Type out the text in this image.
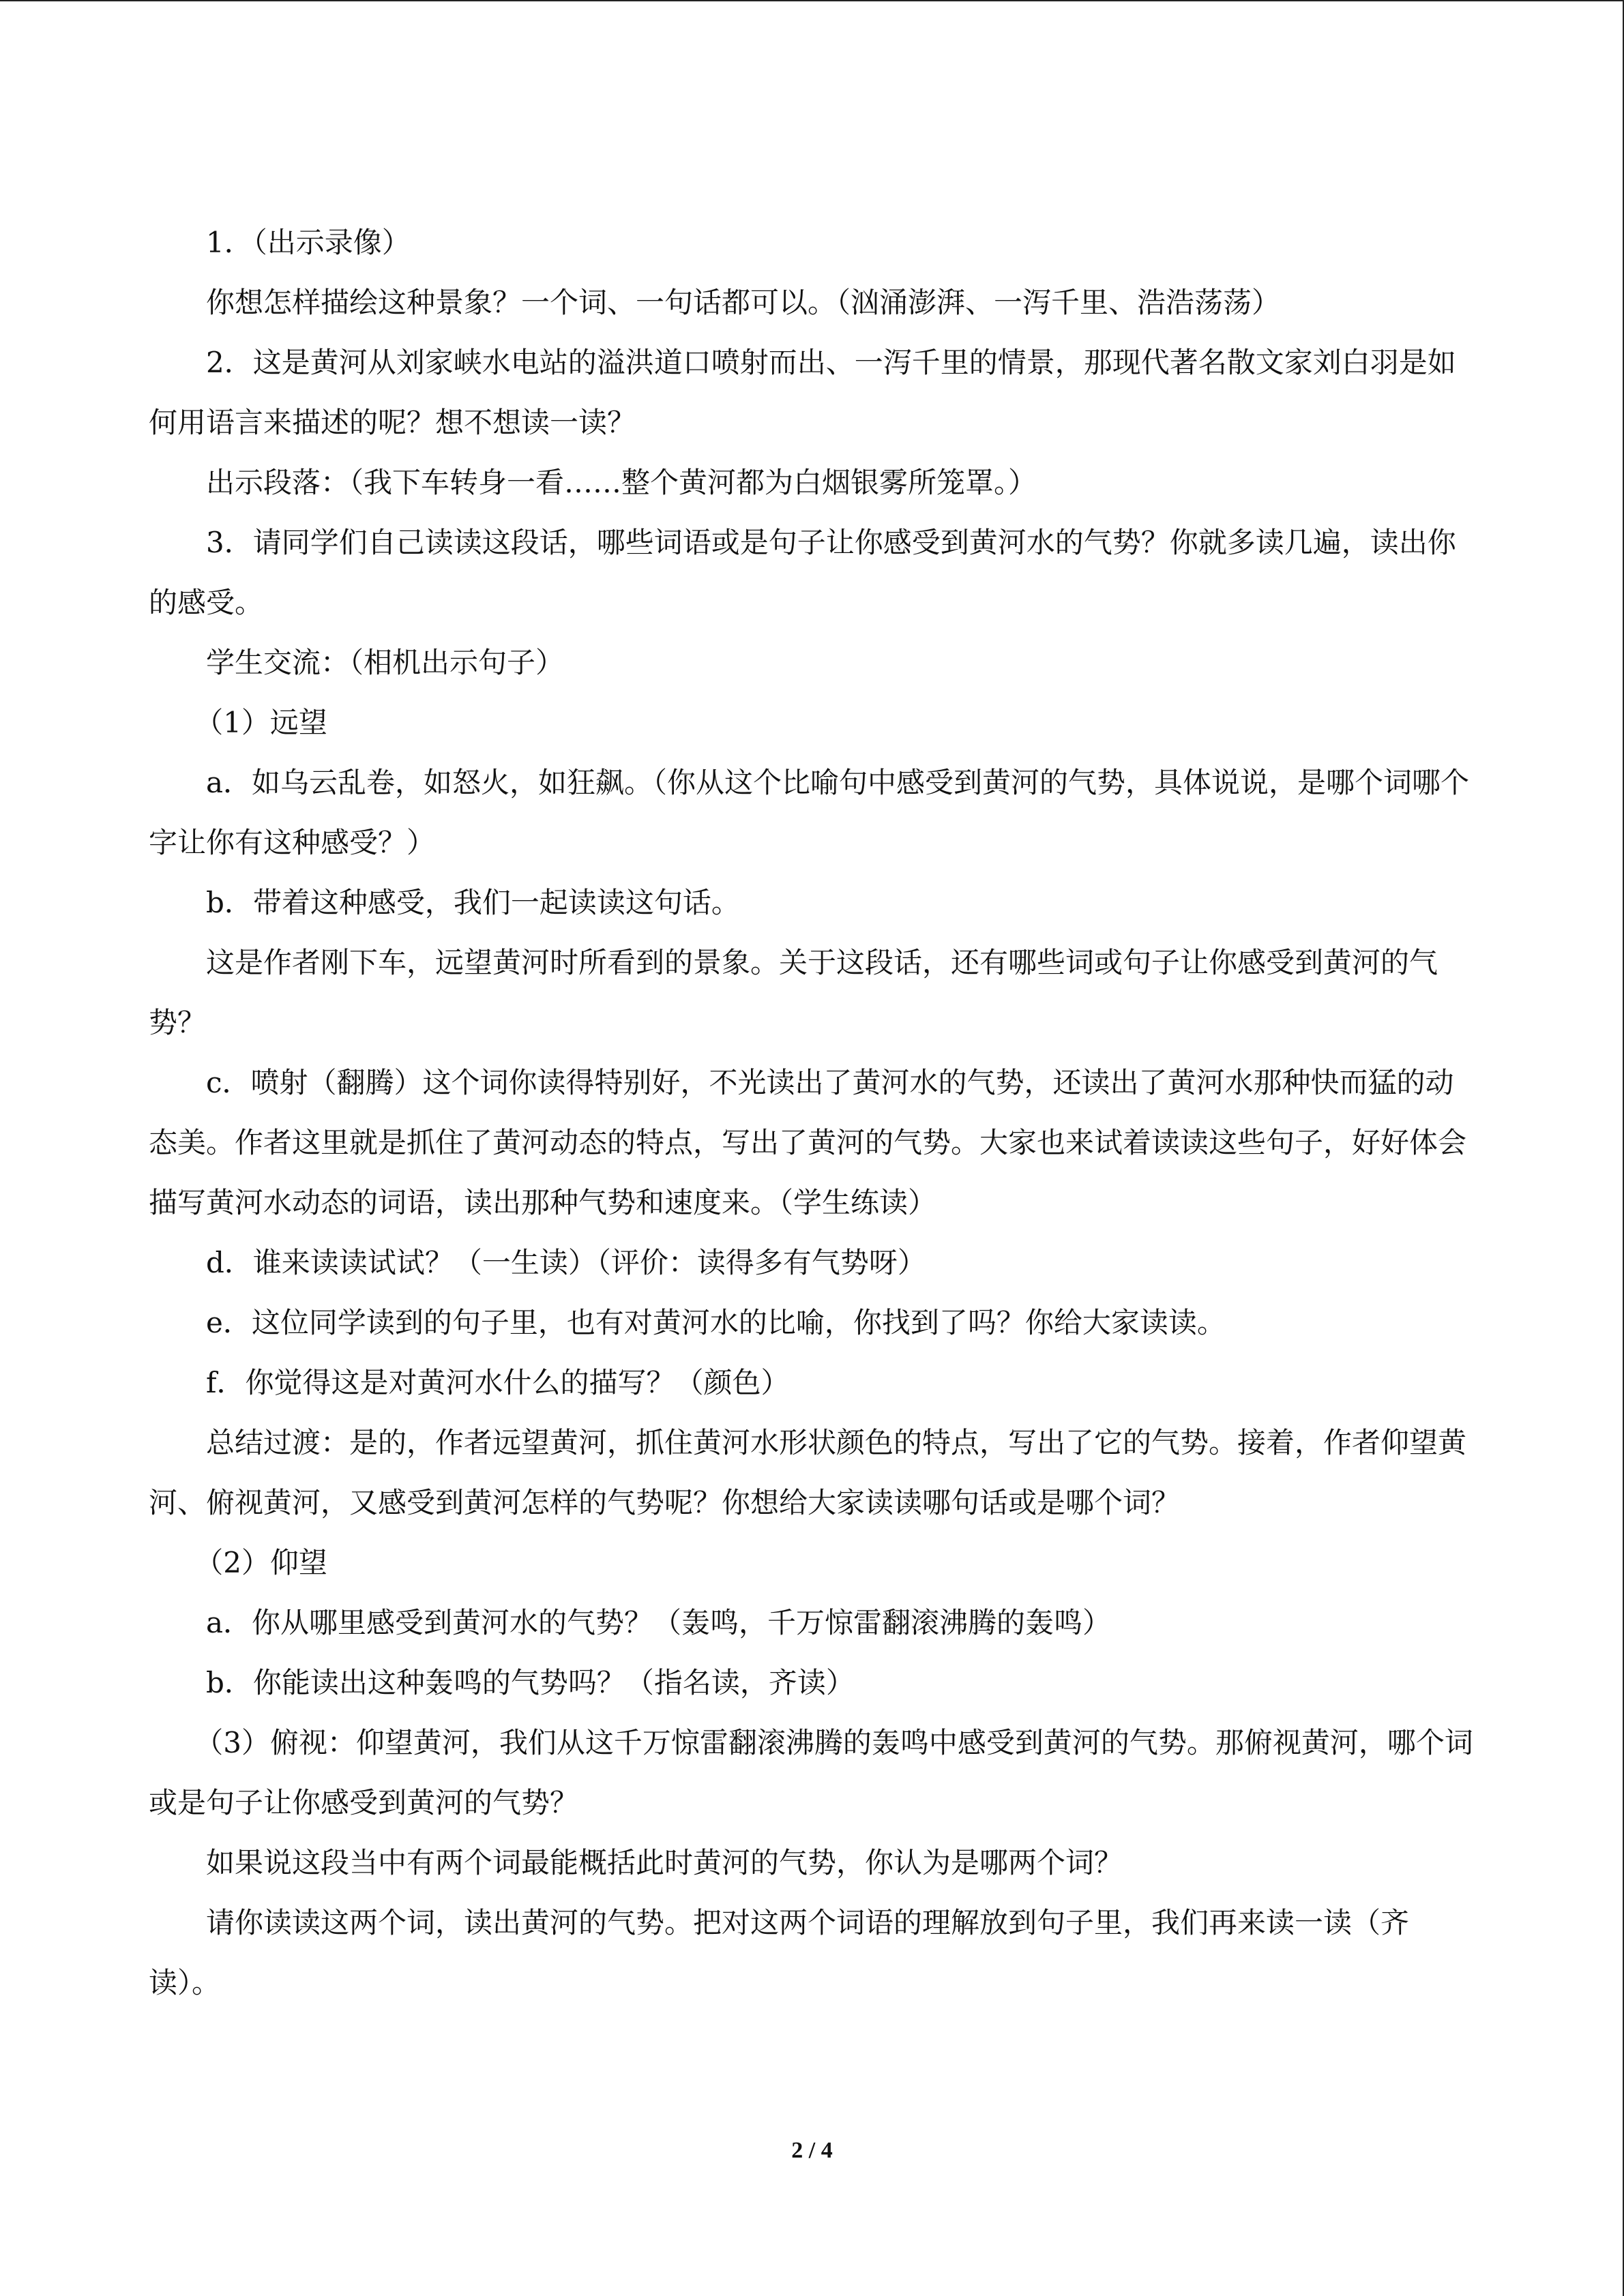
1．（出示录像）

你想怎样描绘这种景象？一个词、一句话都可以。（汹涌澎湃、一泻千里、浩浩荡荡）

2．这是黄河从刘家峡水电站的溢洪道口喷射而出、一泻千里的情景，那现代著名散文家刘白羽是如何用语言来描述的呢？想不想读一读？

出示段落：（我下车转身一看……整个黄河都为白烟银雾所笼罩。）

3．请同学们自己读读这段话，哪些词语或是句子让你感受到黄河水的气势？你就多读几遍，读出你的感受。

学生交流：（相机出示句子）

（1）远望

a．如乌云乱卷，如怒火，如狂飙。（你从这个比喻句中感受到黄河的气势，具体说说，是哪个词哪个字让你有这种感受？）

b．带着这种感受，我们一起读读这句话。

这是作者刚下车，远望黄河时所看到的景象。关于这段话，还有哪些词或句子让你感受到黄河的气势？

c．喷射（翻腾）这个词你读得特别好，不光读出了黄河水的气势，还读出了黄河水那种快而猛的动态美。作者这里就是抓住了黄河动态的特点，写出了黄河的气势。大家也来试着读读这些句子，好好体会描写黄河水动态的词语，读出那种气势和速度来。（学生练读）

d．谁来读读试试？（一生读）（评价：读得多有气势呀）

e．这位同学读到的句子里，也有对黄河水的比喻，你找到了吗？你给大家读读。

f．你觉得这是对黄河水什么的描写？（颜色）

总结过渡：是的，作者远望黄河，抓住黄河水形状颜色的特点，写出了它的气势。接着，作者仰望黄河、俯视黄河，又感受到黄河怎样的气势呢？你想给大家读读哪句话或是哪个词？

（2）仰望

a．你从哪里感受到黄河水的气势？（轰鸣，千万惊雷翻滚沸腾的轰鸣）

b．你能读出这种轰鸣的气势吗？（指名读，齐读）

（3）俯视：仰望黄河，我们从这千万惊雷翻滚沸腾的轰鸣中感受到黄河的气势。那俯视黄河，哪个词或是句子让你感受到黄河的气势？

如果说这段当中有两个词最能概括此时黄河的气势，你认为是哪两个词？

请你读读这两个词，读出黄河的气势。把对这两个词语的理解放到句子里，我们再来读一读（齐读）。

2 / 4
